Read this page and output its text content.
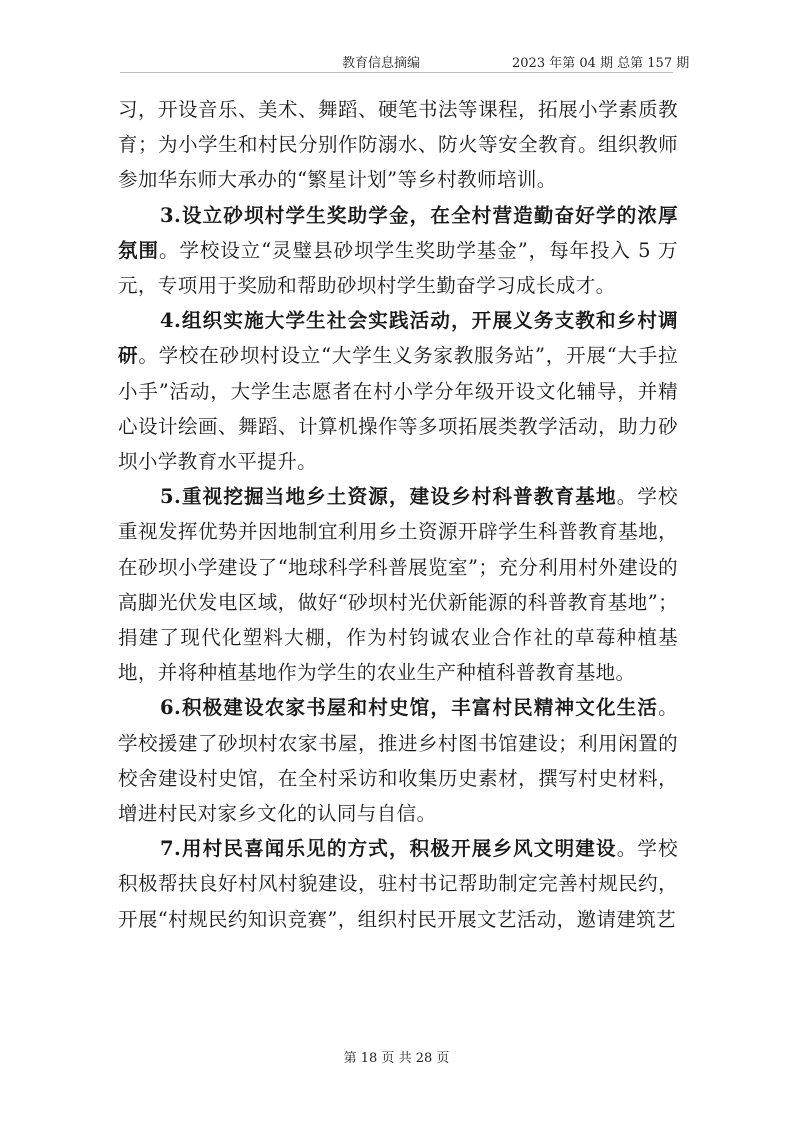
教育信息摘编	2023 年第 04 期 总第 157 期

习，开设音乐、美术、舞蹈、硬笔书法等课程，拓展小学素质教育；为小学生和村民分别作防溺水、防火等安全教育。组织教师参加华东师大承办的“繁星计划”等乡村教师培训。

3.设立砂坝村学生奖助学金，在全村营造勤奋好学的浓厚氛围。学校设立“灵璧县砂坝学生奖助学基金”，每年投入 5 万元，专项用于奖励和帮助砂坝村学生勤奋学习成长成才。

4.组织实施大学生社会实践活动，开展义务支教和乡村调研。学校在砂坝村设立“大学生义务家教服务站”，开展“大手拉小手”活动，大学生志愿者在村小学分年级开设文化辅导，并精心设计绘画、舞蹈、计算机操作等多项拓展类教学活动，助力砂坝小学教育水平提升。

5.重视挖掘当地乡土资源，建设乡村科普教育基地。学校重视发挥优势并因地制宜利用乡土资源开辟学生科普教育基地，在砂坝小学建设了“地球科学科普展览室”；充分利用村外建设的高脚光伏发电区域，做好“砂坝村光伏新能源的科普教育基地”；捐建了现代化塑料大棚，作为村钧诚农业合作社的草莓种植基地，并将种植基地作为学生的农业生产种植科普教育基地。

6.积极建设农家书屋和村史馆，丰富村民精神文化生活。学校援建了砂坝村农家书屋，推进乡村图书馆建设；利用闲置的校舍建设村史馆，在全村采访和收集历史素材，撰写村史材料，增进村民对家乡文化的认同与自信。

7.用村民喜闻乐见的方式，积极开展乡风文明建设。学校积极帮扶良好村风村貌建设，驻村书记帮助制定完善村规民约，开展“村规民约知识竞赛”，组织村民开展文艺活动，邀请建筑艺

第 18 页 共 28 页
